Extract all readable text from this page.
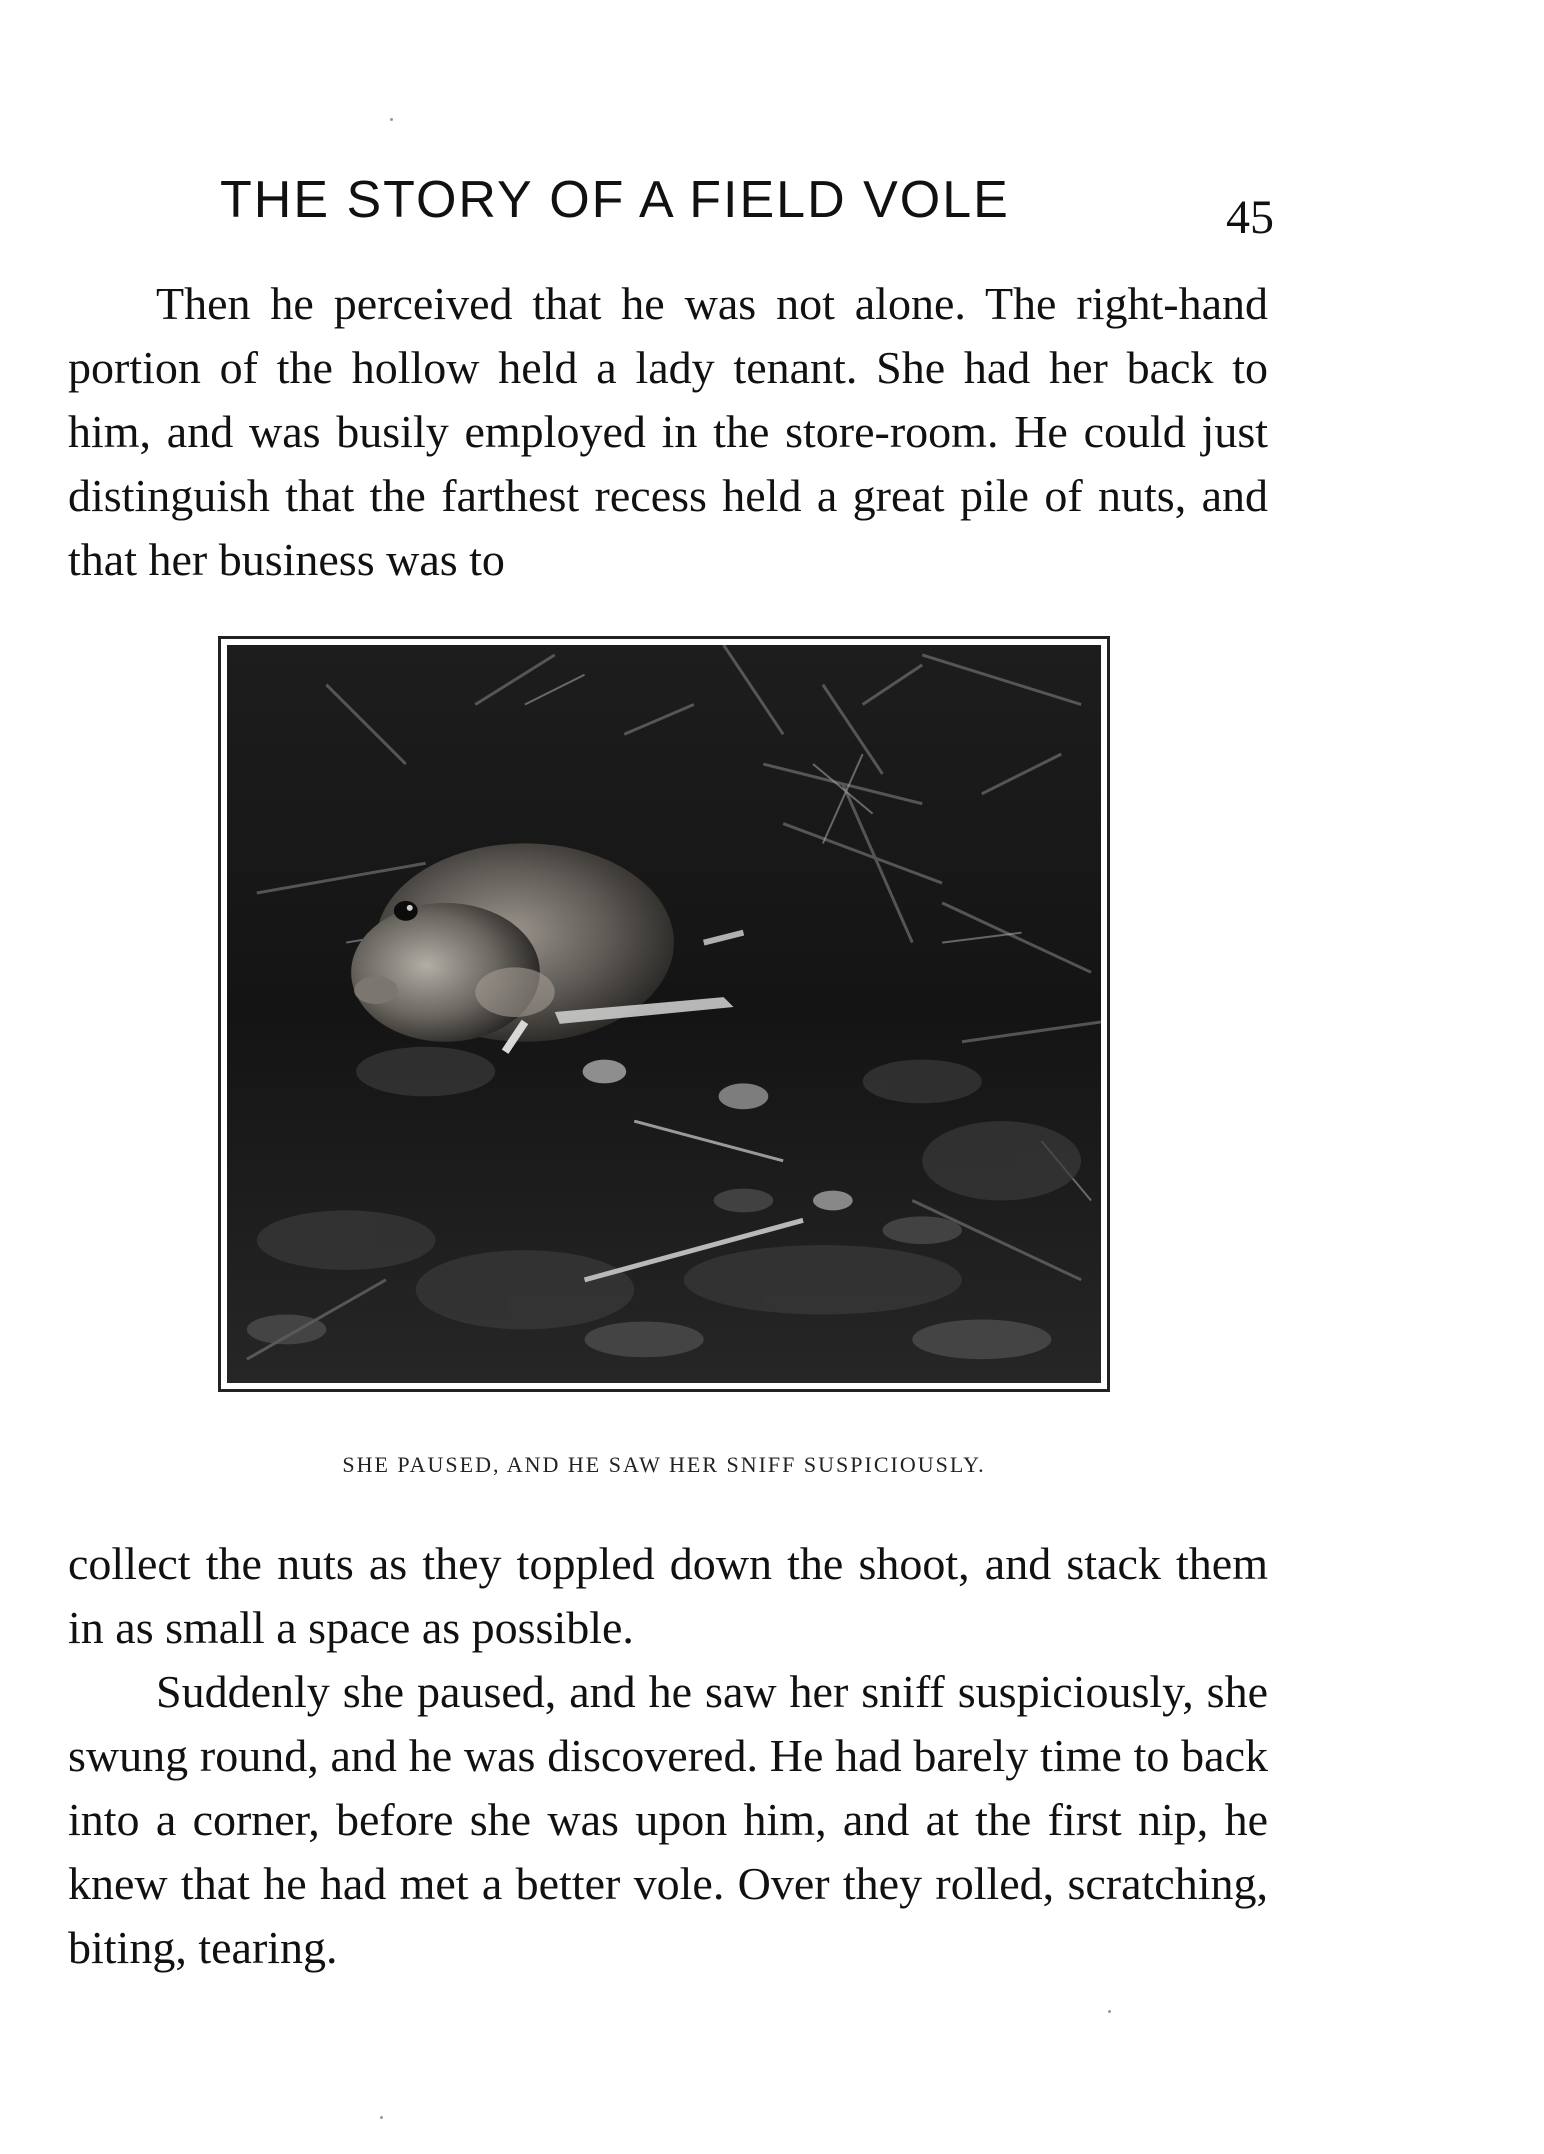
THE STORY OF A FIELD VOLE	45

Then he perceived that he was not alone. The right-hand portion of the hollow held a lady tenant. She had her back to him, and was busily employed in the store-room. He could just distinguish that the farthest recess held a great pile of nuts, and that her business was to

SHE PAUSED, AND HE SAW HER SNIFF SUSPICIOUSLY.

collect the nuts as they toppled down the shoot, and stack them in as small a space as possible.

Suddenly she paused, and he saw her sniff suspiciously, she swung round, and he was discovered. He had barely time to back into a corner, before she was upon him, and at the first nip, he knew that he had met a better vole. Over they rolled, scratching, biting, tearing.
